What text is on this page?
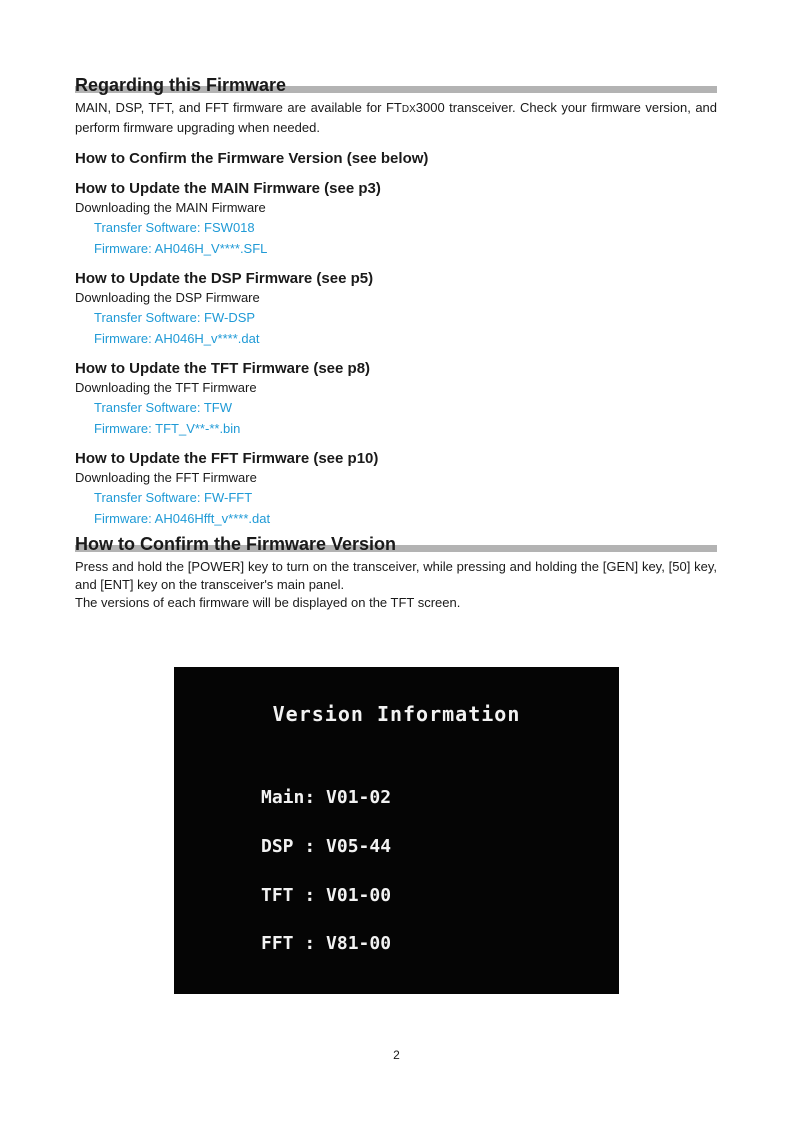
Regarding this Firmware

MAIN, DSP, TFT, and FFT firmware are available for FTDX3000 transceiver. Check your firmware version, and perform firmware upgrading when needed.

How to Confirm the Firmware Version (see below)
How to Update the MAIN Firmware (see p3)
Downloading the MAIN Firmware
Transfer Software: FSW018
Firmware: AH046H_V****.SFL
How to Update the DSP Firmware (see p5)
Downloading the DSP Firmware
Transfer Software: FW-DSP
Firmware: AH046H_v****.dat
How to Update the TFT Firmware (see p8)
Downloading the TFT Firmware
Transfer Software: TFW
Firmware: TFT_V**-**.bin
How to Update the FFT Firmware (see p10)
Downloading the FFT Firmware
Transfer Software: FW-FFT
Firmware: AH046Hfft_v****.dat
How to Confirm the Firmware Version

Press and hold the [POWER] key to turn on the transceiver, while pressing and holding the [GEN] key, [50] key, and [ENT] key on the transceiver's main panel.

The versions of each firmware will be displayed on the TFT screen.

Version Information
Main: V01-02
DSP : V05-44
TFT : V01-00
FFT : V81-00
2
